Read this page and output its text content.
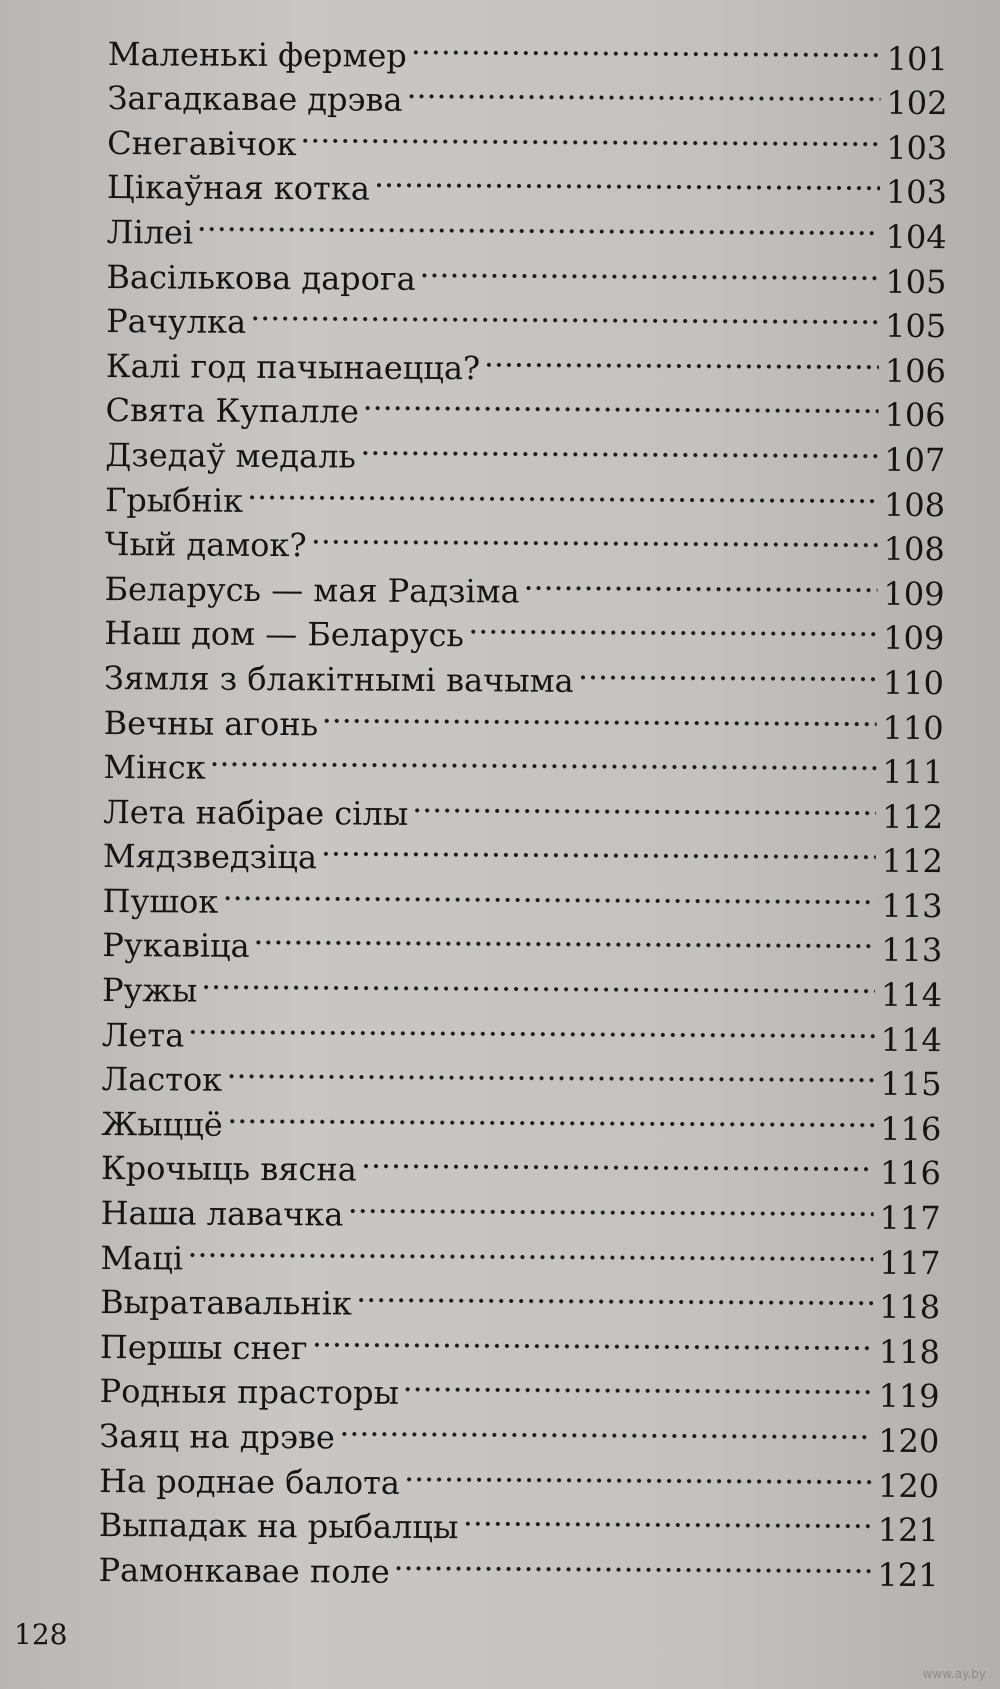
Маленькі фермер	101
Загадкавае дрэва	102
Снегавічок	103
Цікаўная котка	103
Лілеі	104
Васількова дарога	105
Рачулка	105
Калі год пачынаецца?	106
Свята Купалле	106
Дзедаў медаль	107
Грыбнік	108
Чый дамок?	108
Беларусь — мая Радзіма	109
Наш дом — Беларусь	109
Зямля з блакітнымі вачыма	110
Вечны агонь	110
Мінск	111
Лета набірае сілы	112
Мядзведзіца	112
Пушок	113
Рукавіца	113
Ружы	114
Лета	114
Ласток	115
Жыццё	116
Крочыць вясна	116
Наша лавачка	117
Маці	117
Выратавальнік	118
Першы снег	118
Родныя прасторы	119
Заяц на дрэве	120
На роднае балота	120
Выпадак на рыбалцы	121
Рамонкавае поле	121
128
www.ay.by
